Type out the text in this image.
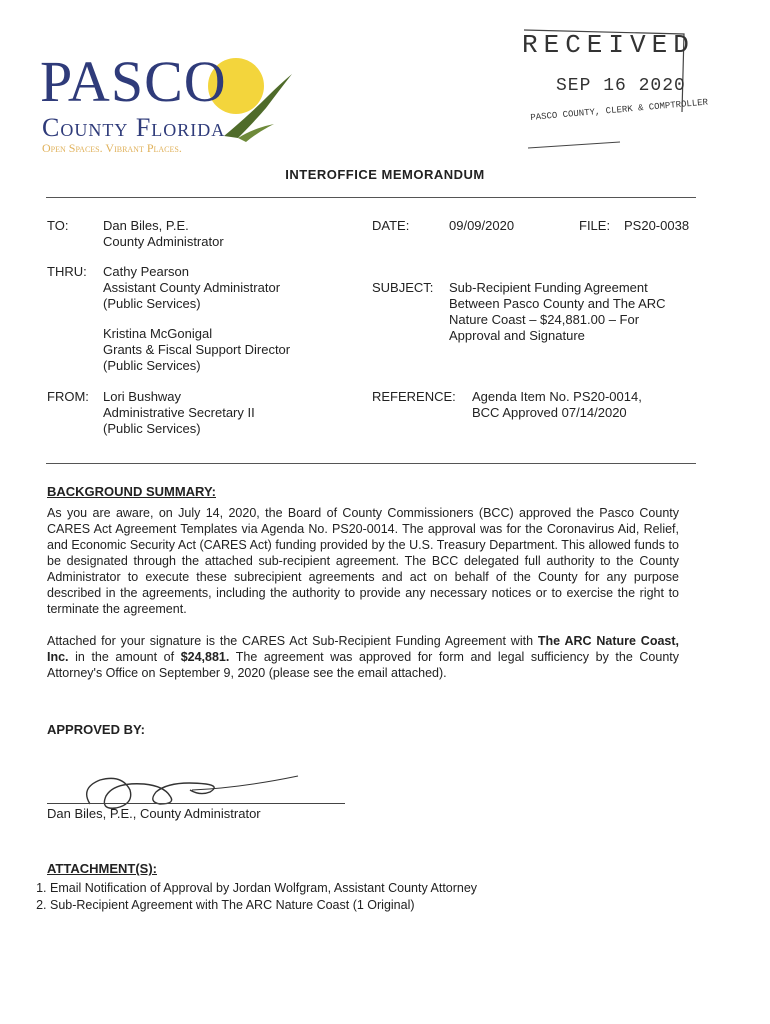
PASCO
County Florida
Open Spaces. Vibrant Places.
RECEIVED
SEP 16 2020
PASCO COUNTY, CLERK & COMPTROLLER
INTEROFFICE MEMORANDUM
TO:	Dan Biles, P.E.
County Administrator
DATE:	09/09/2020	FILE: PS20-0038
THRU: Cathy Pearson
Assistant County Administrator
(Public Services)
Kristina McGonigal
Grants & Fiscal Support Director
(Public Services)
SUBJECT: Sub-Recipient Funding Agreement
Between Pasco County and The ARC
Nature Coast – $24,881.00 – For
Approval and Signature
FROM: Lori Bushway
Administrative Secretary II
(Public Services)
REFERENCE: Agenda Item No. PS20-0014,
BCC Approved 07/14/2020
BACKGROUND SUMMARY:
As you are aware, on July 14, 2020, the Board of County Commissioners (BCC) approved the Pasco County CARES Act Agreement Templates via Agenda No. PS20-0014. The approval was for the Coronavirus Aid, Relief, and Economic Security Act (CARES Act) funding provided by the U.S. Treasury Department. This allowed funds to be designated through the attached sub-recipient agreement. The BCC delegated full authority to the County Administrator to execute these subrecipient agreements and act on behalf of the County for any purpose described in the agreements, including the authority to provide any necessary notices or to exercise the right to terminate the agreement.
Attached for your signature is the CARES Act Sub-Recipient Funding Agreement with The ARC Nature Coast, Inc. in the amount of $24,881. The agreement was approved for form and legal sufficiency by the County Attorney's Office on September 9, 2020 (please see the email attached).
APPROVED BY:
Dan Biles, P.E., County Administrator
ATTACHMENT(S):
1. Email Notification of Approval by Jordan Wolfgram, Assistant County Attorney
2. Sub-Recipient Agreement with The ARC Nature Coast (1 Original)
